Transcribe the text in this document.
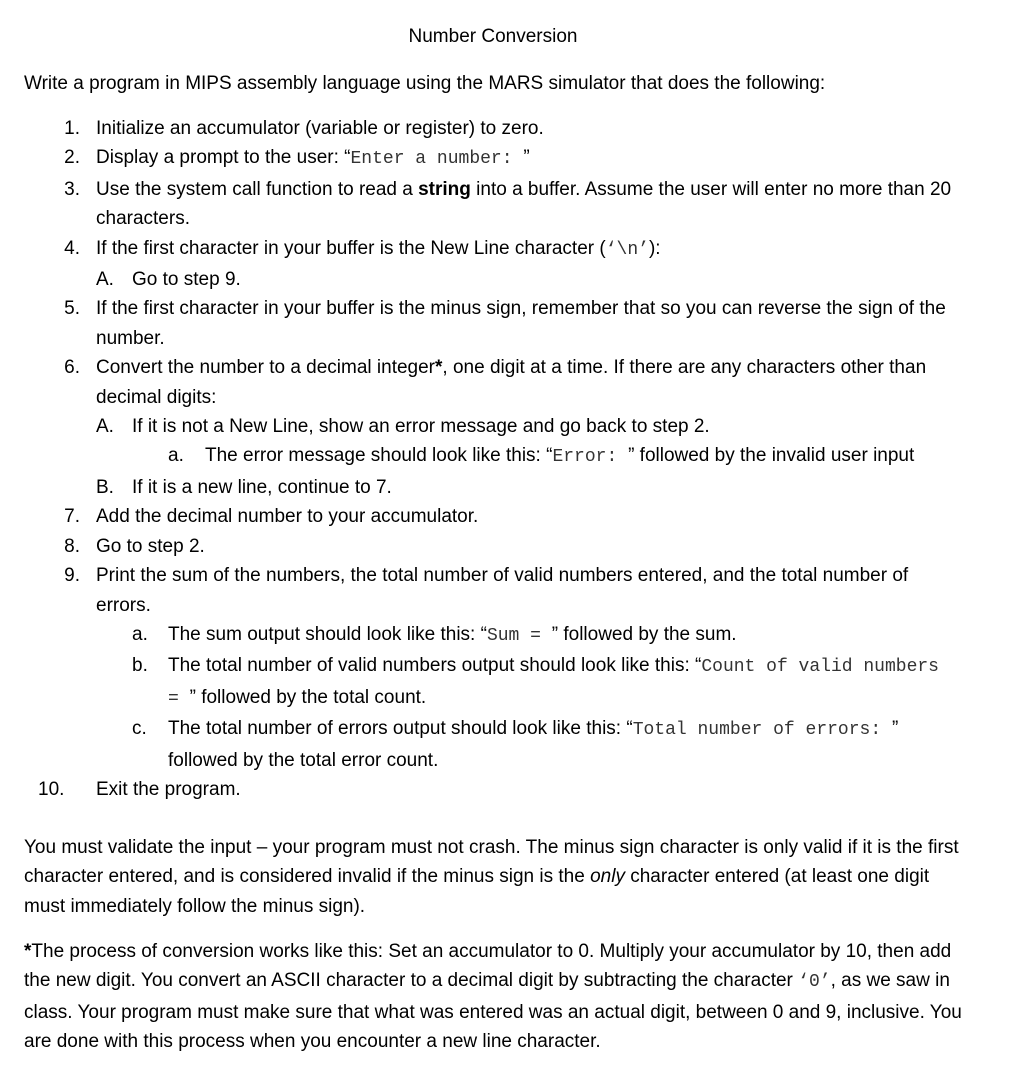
Number Conversion
Write a program in MIPS assembly language using the MARS simulator that does the following:
1. Initialize an accumulator (variable or register) to zero.
2. Display a prompt to the user: “Enter a number: ”
3. Use the system call function to read a string into a buffer. Assume the user will enter no more than 20 characters.
4. If the first character in your buffer is the New Line character (‘\n’):
A. Go to step 9.
5. If the first character in your buffer is the minus sign, remember that so you can reverse the sign of the number.
6. Convert the number to a decimal integer*, one digit at a time. If there are any characters other than decimal digits:
A. If it is not a New Line, show an error message and go back to step 2.
a.	The error message should look like this: “Error: ” followed by the invalid user input
B. If it is a new line, continue to 7.
7. Add the decimal number to your accumulator.
8. Go to step 2.
9. Print the sum of the numbers, the total number of valid numbers entered, and the total number of errors.
a.	The sum output should look like this: “Sum = ” followed by the sum.
b.	The total number of valid numbers output should look like this: “Count of valid numbers = ” followed by the total count.
c.	The total number of errors output should look like this: “Total number of errors: ” followed by the total error count.
10.	Exit the program.
You must validate the input – your program must not crash. The minus sign character is only valid if it is the first character entered, and is considered invalid if the minus sign is the only character entered (at least one digit must immediately follow the minus sign).
*The process of conversion works like this: Set an accumulator to 0. Multiply your accumulator by 10, then add the new digit. You convert an ASCII character to a decimal digit by subtracting the character ‘0’, as we saw in class. Your program must make sure that what was entered was an actual digit, between 0 and 9, inclusive. You are done with this process when you encounter a new line character.
